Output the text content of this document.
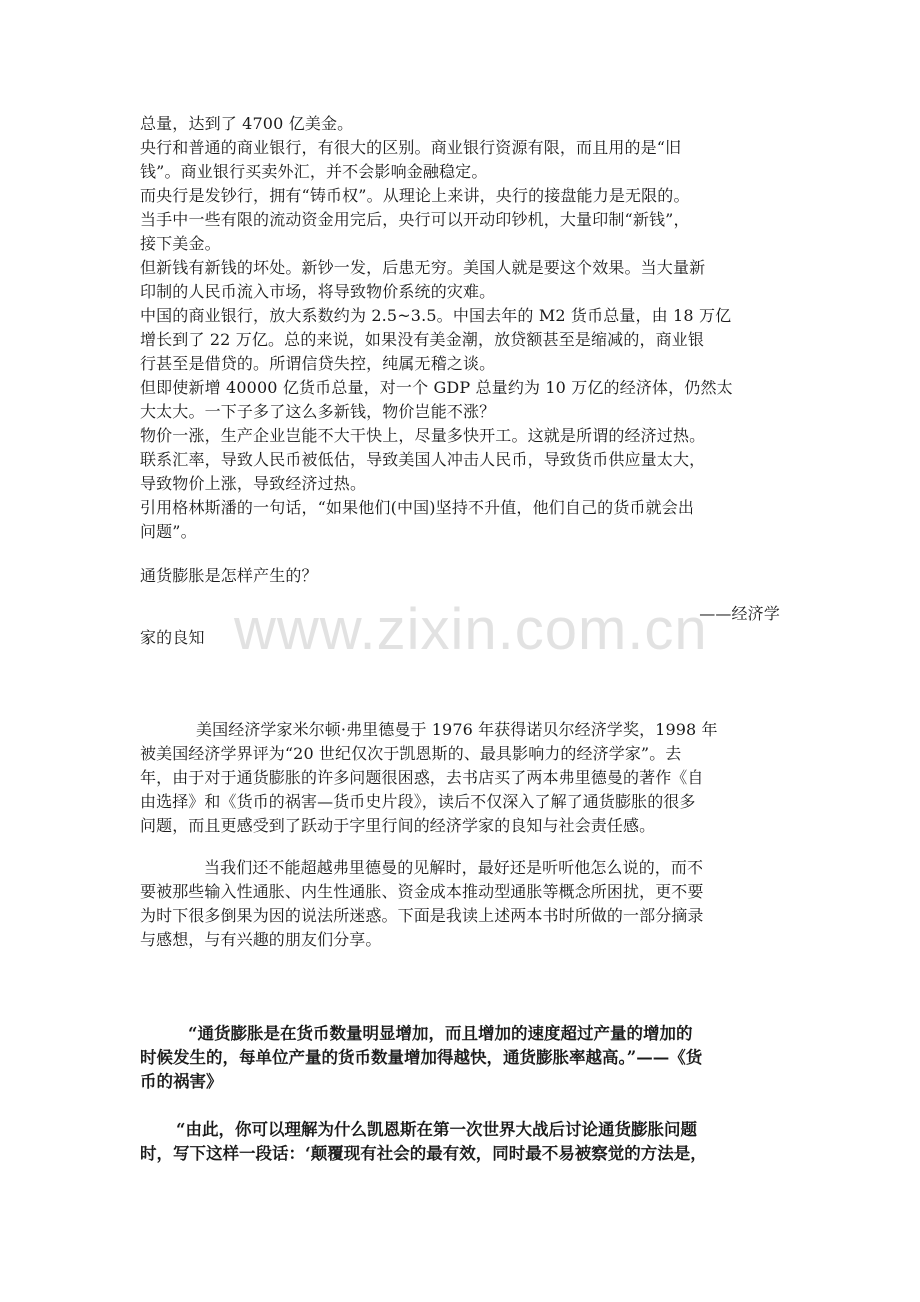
www.zixin.com.cn
总量，达到了 4700 亿美金。
央行和普通的商业银行，有很大的区别。商业银行资源有限，而且用的是“旧
钱”。商业银行买卖外汇，并不会影响金融稳定。
而央行是发钞行，拥有“铸币权”。从理论上来讲，央行的接盘能力是无限的。
当手中一些有限的流动资金用完后，央行可以开动印钞机，大量印制“新钱”，
接下美金。
但新钱有新钱的坏处。新钞一发，后患无穷。美国人就是要这个效果。当大量新
印制的人民币流入市场，将导致物价系统的灾难。
中国的商业银行，放大系数约为 2.5~3.5。中国去年的 M2 货币总量，由 18 万亿
增长到了 22 万亿。总的来说，如果没有美金潮，放贷额甚至是缩减的，商业银
行甚至是借贷的。所谓信贷失控，纯属无稽之谈。
但即使新增 40000 亿货币总量，对一个 GDP 总量约为 10 万亿的经济体，仍然太
大太大。一下子多了这么多新钱，物价岂能不涨？
物价一涨，生产企业岂能不大干快上，尽量多快开工。这就是所谓的经济过热。
联系汇率，导致人民币被低估，导致美国人冲击人民币，导致货币供应量太大，
导致物价上涨，导致经济过热。
引用格林斯潘的一句话，“如果他们(中国)坚持不升值，他们自己的货币就会出
问题”。
通货膨胀是怎样产生的？
——经济学
家的良知
美国经济学家米尔顿·弗里德曼于 1976 年获得诺贝尔经济学奖，1998 年
被美国经济学界评为“20 世纪仅次于凯恩斯的、最具影响力的经济学家”。去
年，由于对于通货膨胀的许多问题很困惑，去书店买了两本弗里德曼的著作《自
由选择》和《货币的祸害—货币史片段》，读后不仅深入了解了通货膨胀的很多
问题，而且更感受到了跃动于字里行间的经济学家的良知与社会责任感。
当我们还不能超越弗里德曼的见解时，最好还是听听他怎么说的，而不
要被那些输入性通胀、内生性通胀、资金成本推动型通胀等概念所困扰，更不要
为时下很多倒果为因的说法所迷惑。下面是我读上述两本书时所做的一部分摘录
与感想，与有兴趣的朋友们分享。
“通货膨胀是在货币数量明显增加，而且增加的速度超过产量的增加的
时候发生的，每单位产量的货币数量增加得越快，通货膨胀率越高。”——《货
币的祸害》
“由此，你可以理解为什么凯恩斯在第一次世界大战后讨论通货膨胀问题
时，写下这样一段话：‘颠覆现有社会的最有效，同时最不易被察觉的方法是，
